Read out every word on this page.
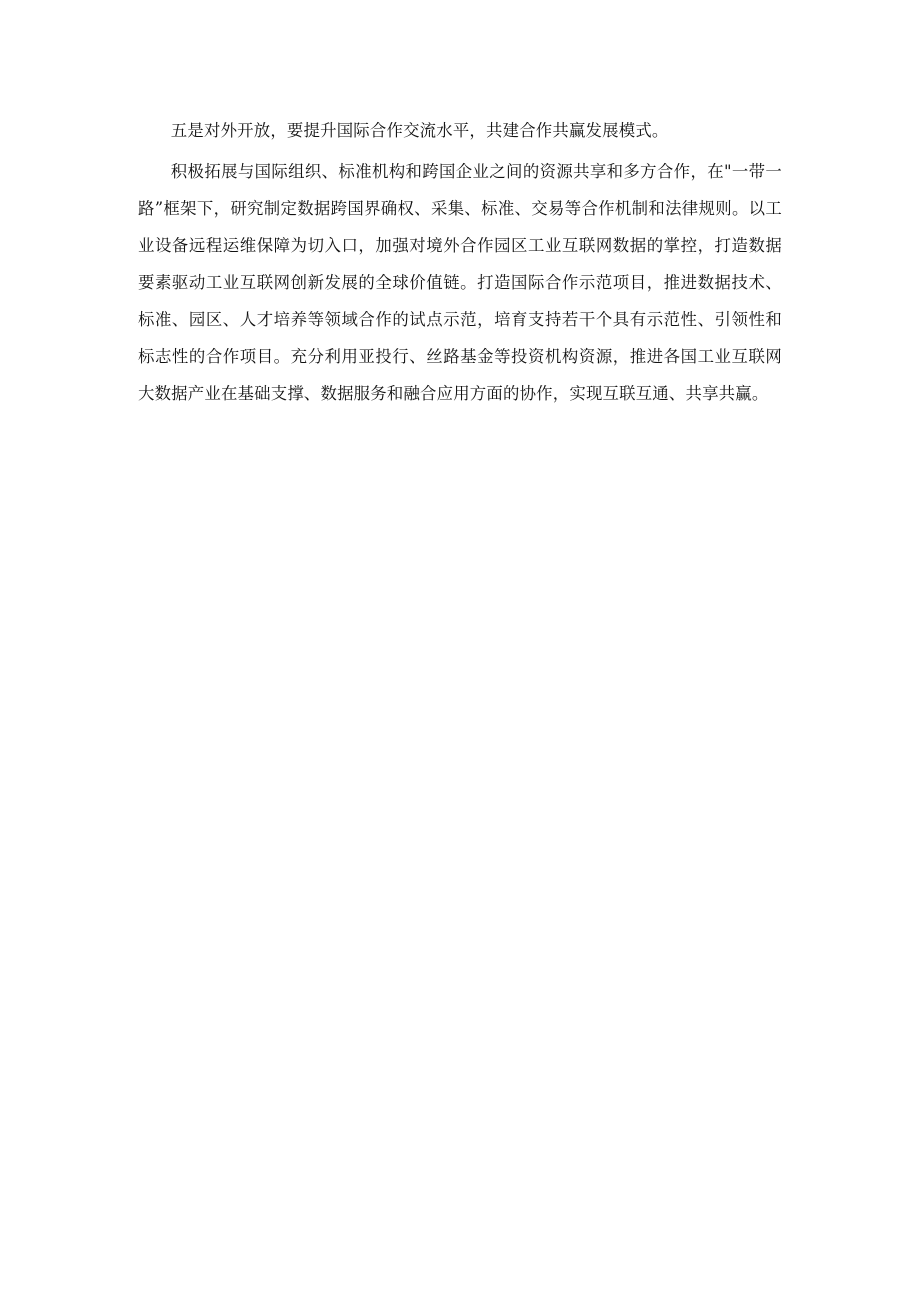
五是对外开放，要提升国际合作交流水平，共建合作共赢发展模式。

积极拓展与国际组织、标准机构和跨国企业之间的资源共享和多方合作，在"一带一路”框架下，研究制定数据跨国界确权、采集、标准、交易等合作机制和法律规则。以工业设备远程运维保障为切入口，加强对境外合作园区工业互联网数据的掌控，打造数据要素驱动工业互联网创新发展的全球价值链。打造国际合作示范项目，推进数据技术、标准、园区、人才培养等领域合作的试点示范，培育支持若干个具有示范性、引领性和标志性的合作项目。充分利用亚投行、丝路基金等投资机构资源，推进各国工业互联网大数据产业在基础支撑、数据服务和融合应用方面的协作，实现互联互通、共享共赢。
